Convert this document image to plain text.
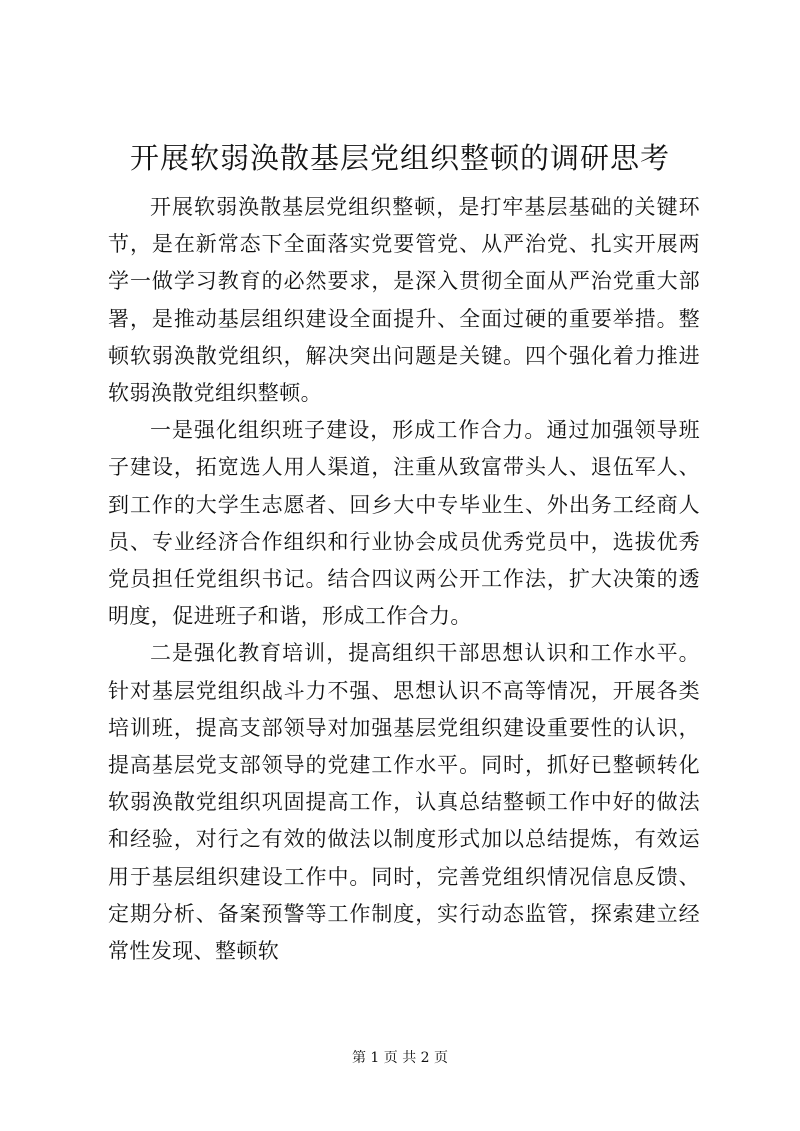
开展软弱涣散基层党组织整顿的调研思考

开展软弱涣散基层党组织整顿，是打牢基层基础的关键环节，是在新常态下全面落实党要管党、从严治党、扎实开展两学一做学习教育的必然要求，是深入贯彻全面从严治党重大部署，是推动基层组织建设全面提升、全面过硬的重要举措。整顿软弱涣散党组织，解决突出问题是关键。四个强化着力推进软弱涣散党组织整顿。

一是强化组织班子建设，形成工作合力。通过加强领导班子建设，拓宽选人用人渠道，注重从致富带头人、退伍军人、到工作的大学生志愿者、回乡大中专毕业生、外出务工经商人员、专业经济合作组织和行业协会成员优秀党员中，选拔优秀党员担任党组织书记。结合四议两公开工作法，扩大决策的透明度，促进班子和谐，形成工作合力。

二是强化教育培训，提高组织干部思想认识和工作水平。针对基层党组织战斗力不强、思想认识不高等情况，开展各类培训班，提高支部领导对加强基层党组织建设重要性的认识，提高基层党支部领导的党建工作水平。同时，抓好已整顿转化软弱涣散党组织巩固提高工作，认真总结整顿工作中好的做法和经验，对行之有效的做法以制度形式加以总结提炼，有效运用于基层组织建设工作中。同时，完善党组织情况信息反馈、定期分析、备案预警等工作制度，实行动态监管，探索建立经常性发现、整顿软

第 1 页 共 2 页
